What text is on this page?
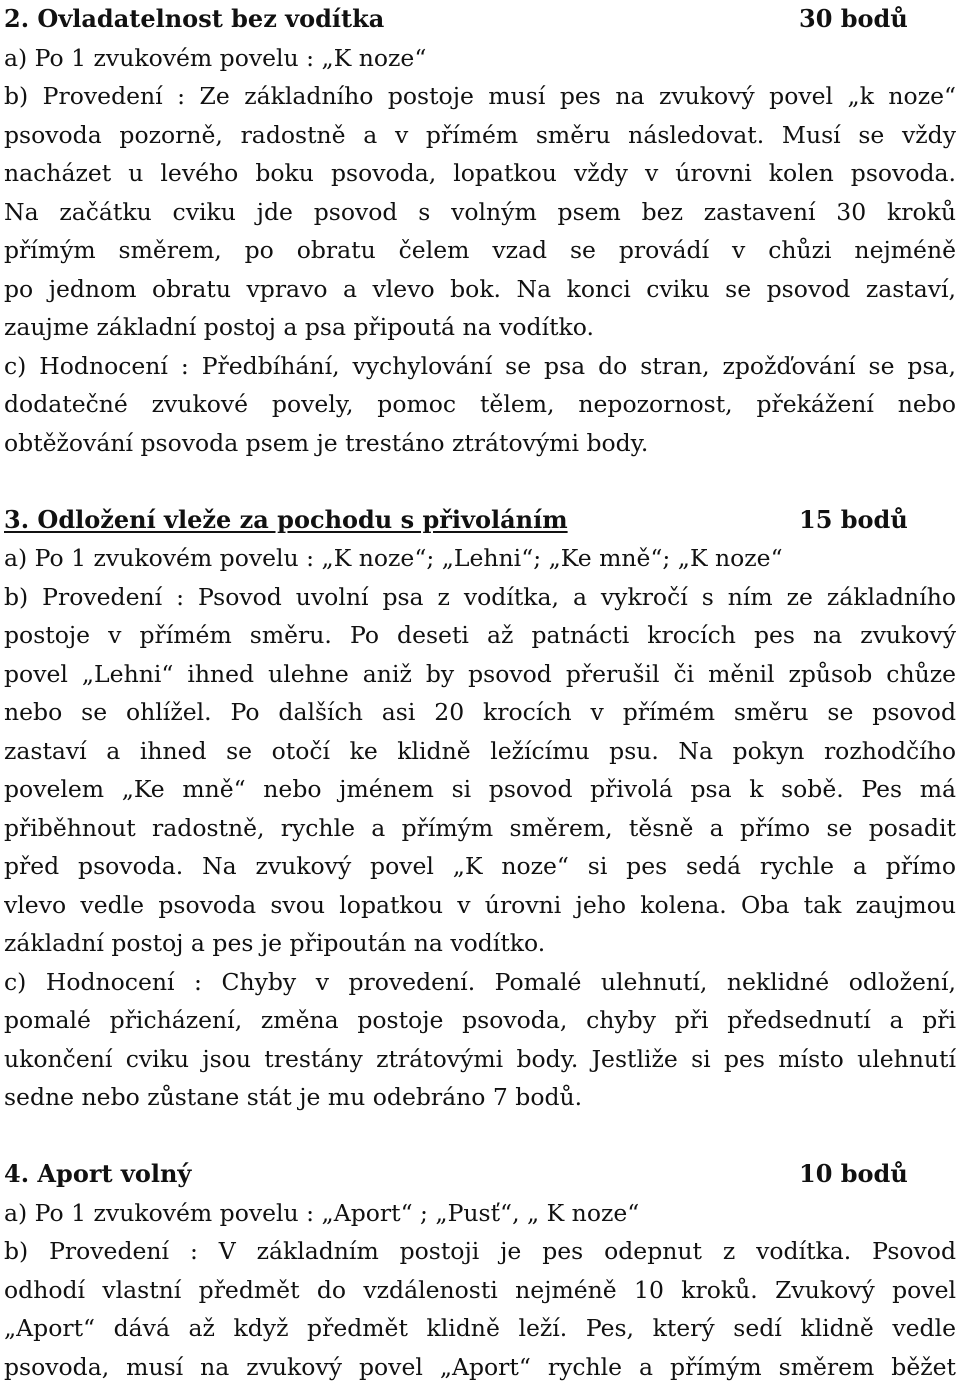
2. Ovladatelnost bez vodítka	30 bodů
a) Po 1 zvukovém povelu : „K noze“
b) Provedení : Ze základního postoje musí pes na zvukový povel „k noze“
psovoda pozorně, radostně a v přímém směru následovat. Musí se vždy
nacházet u levého boku psovoda, lopatkou vždy v úrovni kolen psovoda.
Na začátku cviku jde psovod s volným psem bez zastavení 30 kroků
přímým směrem, po obratu čelem vzad se provádí v chůzi nejméně
po jednom obratu vpravo a vlevo bok. Na konci cviku se psovod zastaví,
zaujme základní postoj a psa připoutá na vodítko.
c) Hodnocení : Předbíhání, vychylování se psa do stran, zpožďování se psa,
dodatečné zvukové povely, pomoc tělem, nepozornost, překážení nebo
obtěžování psovoda psem je trestáno ztrátovými body.
3. Odložení vleže za pochodu s přivoláním	15 bodů
a) Po 1 zvukovém povelu : „K noze“; „Lehni“; „Ke mně“; „K noze“
b) Provedení : Psovod uvolní psa z vodítka, a vykročí s ním ze základního
postoje v přímém směru. Po deseti až patnácti krocích pes na zvukový
povel „Lehni“ ihned ulehne aniž by psovod přerušil či měnil způsob chůze
nebo se ohlížel. Po dalších asi 20 krocích v přímém směru se psovod
zastaví a ihned se otočí ke klidně ležícímu psu. Na pokyn rozhodčího
povelem „Ke mně“ nebo jménem si psovod přivolá psa k sobě. Pes má
přiběhnout radostně, rychle a přímým směrem, těsně a přímo se posadit
před psovoda. Na zvukový povel „K noze“ si pes sedá rychle a přímo
vlevo vedle psovoda svou lopatkou v úrovni jeho kolena. Oba tak zaujmou
základní postoj a pes je připoután na vodítko.
c) Hodnocení : Chyby v provedení. Pomalé ulehnutí, neklidné odložení,
pomalé přicházení, změna postoje psovoda, chyby při předsednutí a při
ukončení cviku jsou trestány ztrátovými body. Jestliže si pes místo ulehnutí
sedne nebo zůstane stát je mu odebráno 7 bodů.
4. Aport volný	10 bodů
a) Po 1 zvukovém povelu : „Aport“ ; „Pusť“, „ K noze“
b) Provedení : V základním postoji je pes odepnut z vodítka. Psovod
odhodí vlastní předmět do vzdálenosti nejméně 10 kroků. Zvukový povel
„Aport“ dává až když předmět klidně leží. Pes, který sedí klidně vedle
psovoda, musí na zvukový povel „Aport“ rychle a přímým směrem běžet
